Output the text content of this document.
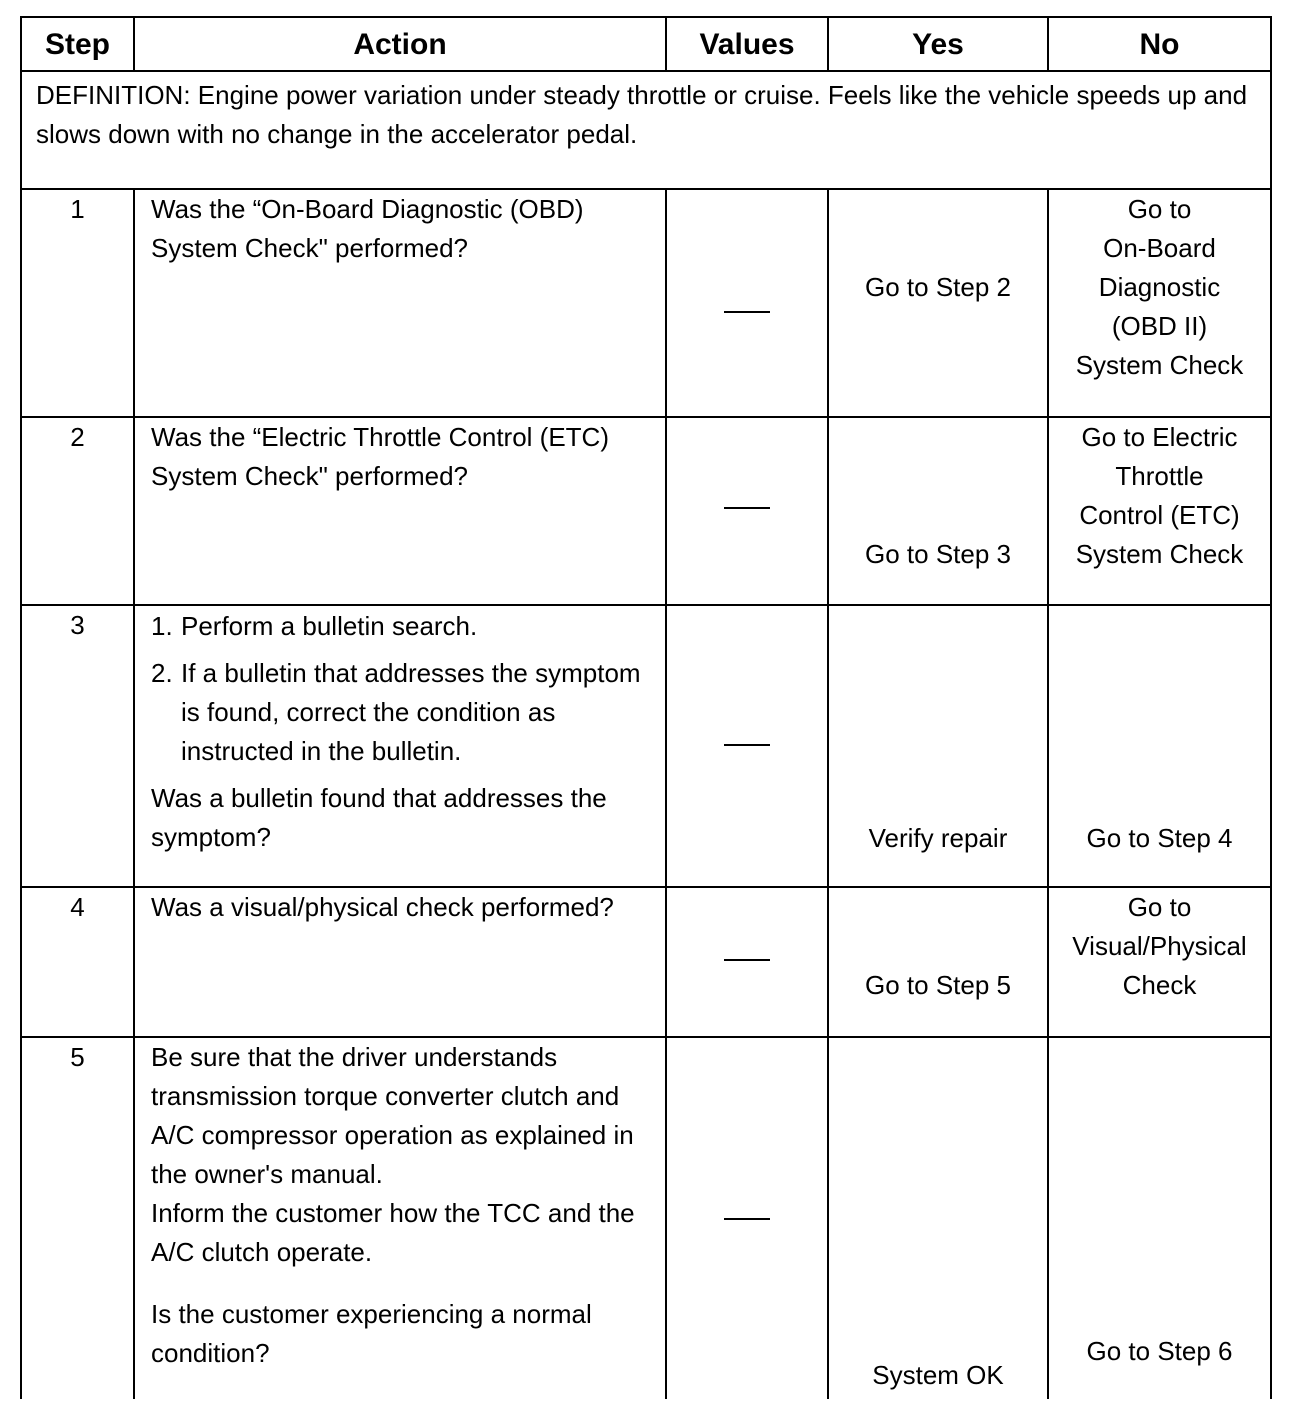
Step	Action	Values	Yes	No
DEFINITION: Engine power variation under steady throttle or cruise. Feels like the vehicle speeds up and slows down with no change in the accelerator pedal.				
1	Was the “On-Board Diagnostic (OBD) System Check" performed?		Go to Step 2	Go to
On-Board
Diagnostic
(OBD II)
System Check

2	Was the “Electric Throttle Control (ETC) System Check" performed?		Go to Step 3	Go to Electric
Throttle
Control (ETC)
System Check

3	1. Perform a bulletin search.
2. If a bulletin that addresses the symptom is found, correct the condition as instructed in the bulletin.
Was a bulletin found that addresses the symptom?		Verify repair	Go to Step 4

4	Was a visual/physical check performed?		Go to Step 5	Go to
Visual/Physical
Check

5	Be sure that the driver understands transmission torque converter clutch and A/C compressor operation as explained in the owner's manual.
Inform the customer how the TCC and the A/C clutch operate.
Is the customer experiencing a normal condition?		System OK	Go to Step 6
